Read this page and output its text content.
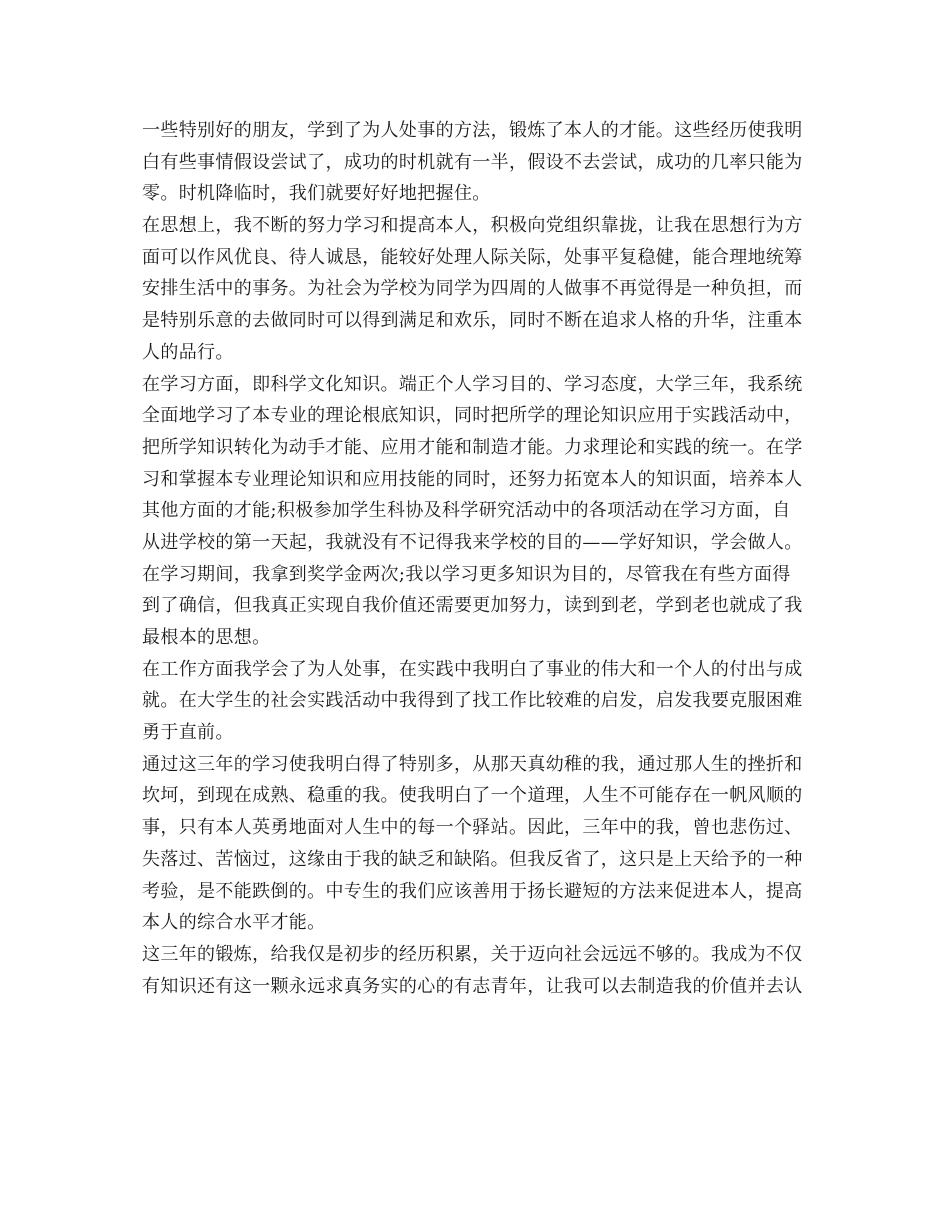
一些特别好的朋友，学到了为人处事的方法，锻炼了本人的才能。这些经历使我明
白有些事情假设尝试了，成功的时机就有一半，假设不去尝试，成功的几率只能为
零。时机降临时，我们就要好好地把握住。
在思想上，我不断的努力学习和提高本人，积极向党组织靠拢，让我在思想行为方
面可以作风优良、待人诚恳，能较好处理人际关际，处事平复稳健，能合理地统筹
安排生活中的事务。为社会为学校为同学为四周的人做事不再觉得是一种负担，而
是特别乐意的去做同时可以得到满足和欢乐，同时不断在追求人格的升华，注重本
人的品行。
在学习方面，即科学文化知识。端正个人学习目的、学习态度，大学三年，我系统
全面地学习了本专业的理论根底知识，同时把所学的理论知识应用于实践活动中，
把所学知识转化为动手才能、应用才能和制造才能。力求理论和实践的统一。在学
习和掌握本专业理论知识和应用技能的同时，还努力拓宽本人的知识面，培养本人
其他方面的才能;积极参加学生科协及科学研究活动中的各项活动在学习方面，自
从进学校的第一天起，我就没有不记得我来学校的目的——学好知识，学会做人。
在学习期间，我拿到奖学金两次;我以学习更多知识为目的，尽管我在有些方面得
到了确信，但我真正实现自我价值还需要更加努力，读到到老，学到老也就成了我
最根本的思想。
在工作方面我学会了为人处事，在实践中我明白了事业的伟大和一个人的付出与成
就。在大学生的社会实践活动中我得到了找工作比较难的启发，启发我要克服困难
勇于直前。
通过这三年的学习使我明白得了特别多，从那天真幼稚的我，通过那人生的挫折和
坎坷，到现在成熟、稳重的我。使我明白了一个道理，人生不可能存在一帆风顺的
事，只有本人英勇地面对人生中的每一个驿站。因此，三年中的我，曾也悲伤过、
失落过、苦恼过，这缘由于我的缺乏和缺陷。但我反省了，这只是上天给予的一种
考验，是不能跌倒的。中专生的我们应该善用于扬长避短的方法来促进本人，提高
本人的综合水平才能。
这三年的锻炼，给我仅是初步的经历积累，关于迈向社会远远不够的。我成为不仅
有知识还有这一颗永远求真务实的心的有志青年，让我可以去制造我的价值并去认
